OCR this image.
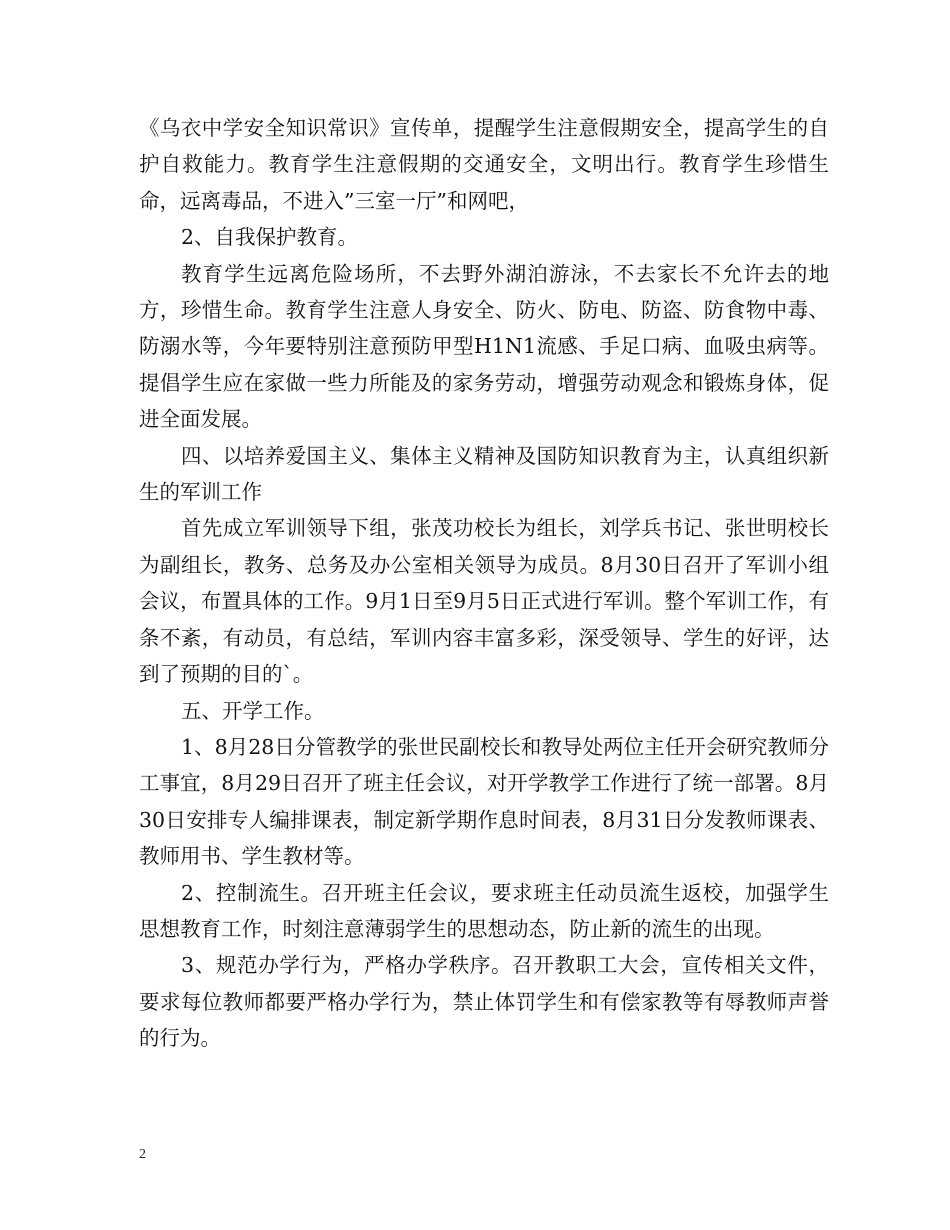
《乌衣中学安全知识常识》宣传单，提醒学生注意假期安全，提高学生的自护自救能力。教育学生注意假期的交通安全，文明出行。教育学生珍惜生命，远离毒品，不进入”三室一厅”和网吧，

2、自我保护教育。

教育学生远离危险场所，不去野外湖泊游泳，不去家长不允许去的地方，珍惜生命。教育学生注意人身安全、防火、防电、防盗、防食物中毒、防溺水等，今年要特别注意预防甲型H1N1流感、手足口病、血吸虫病等。提倡学生应在家做一些力所能及的家务劳动，增强劳动观念和锻炼身体，促进全面发展。

四、以培养爱国主义、集体主义精神及国防知识教育为主，认真组织新生的军训工作

首先成立军训领导下组，张茂功校长为组长，刘学兵书记、张世明校长为副组长，教务、总务及办公室相关领导为成员。8月30日召开了军训小组会议，布置具体的工作。9月1日至9月5日正式进行军训。整个军训工作，有条不紊，有动员，有总结，军训内容丰富多彩，深受领导、学生的好评，达到了预期的目的`。

五、开学工作。

1、8月28日分管教学的张世民副校长和教导处两位主任开会研究教师分工事宜，8月29日召开了班主任会议，对开学教学工作进行了统一部署。8月30日安排专人编排课表，制定新学期作息时间表，8月31日分发教师课表、教师用书、学生教材等。

2、控制流生。召开班主任会议，要求班主任动员流生返校，加强学生思想教育工作，时刻注意薄弱学生的思想动态，防止新的流生的出现。

3、规范办学行为，严格办学秩序。召开教职工大会，宣传相关文件，要求每位教师都要严格办学行为，禁止体罚学生和有偿家教等有辱教师声誉的行为。

2
